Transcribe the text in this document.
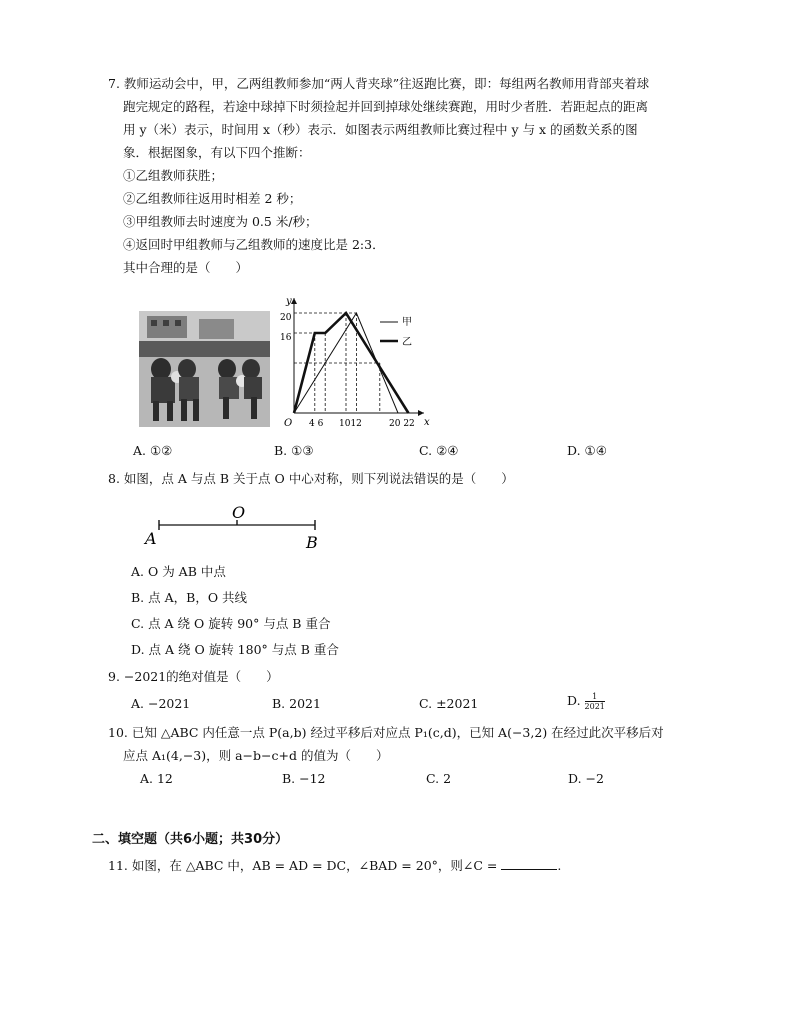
7. 教师运动会中，甲，乙两组教师参加“两人背夹球”往返跑比赛，即：每组两名教师用背部夹着球
跑完规定的路程，若途中球掉下时须捡起并回到掉球处继续赛跑，用时少者胜．若距起点的距离
用 y（米）表示，时间用 x（秒）表示．如图表示两组教师比赛过程中 y 与 x 的函数关系的图
象．根据图象，有以下四个推断：
①乙组教师获胜；
②乙组教师往返用时相差 2 秒；
③甲组教师去时速度为 0.5 米/秒；
④返回时甲组教师与乙组教师的速度比是 2:3．
其中合理的是（　　）
y
x
O
20
16
4 6 1012	20 22
甲
乙
A. ①②	B. ①③	C. ②④	D. ①④
8. 如图，点 A 与点 B 关于点 O 中心对称，则下列说法错误的是（　　）
A
O
B
A. O 为 AB 中点
B. 点 A，B，O 共线
C. 点 A 绕 O 旋转 90° 与点 B 重合
D. 点 A 绕 O 旋转 180° 与点 B 重合
9. −2021的绝对值是（　　）
A. −2021	B. 2021	C. ±2021	D. $\frac{1}{2021}$
10. 已知 △ABC 内任意一点 P(a,b) 经过平移后对应点 P₁(c,d)，已知 A(−3,2) 在经过此次平移后对
应点 A₁(4,−3)，则 a−b−c+d 的值为（　　）
A. 12	B. −12	C. 2	D. −2
二、填空题（共6小题；共30分）
11. 如图，在 △ABC 中，AB = AD = DC，∠BAD = 20°，则∠C =	.
